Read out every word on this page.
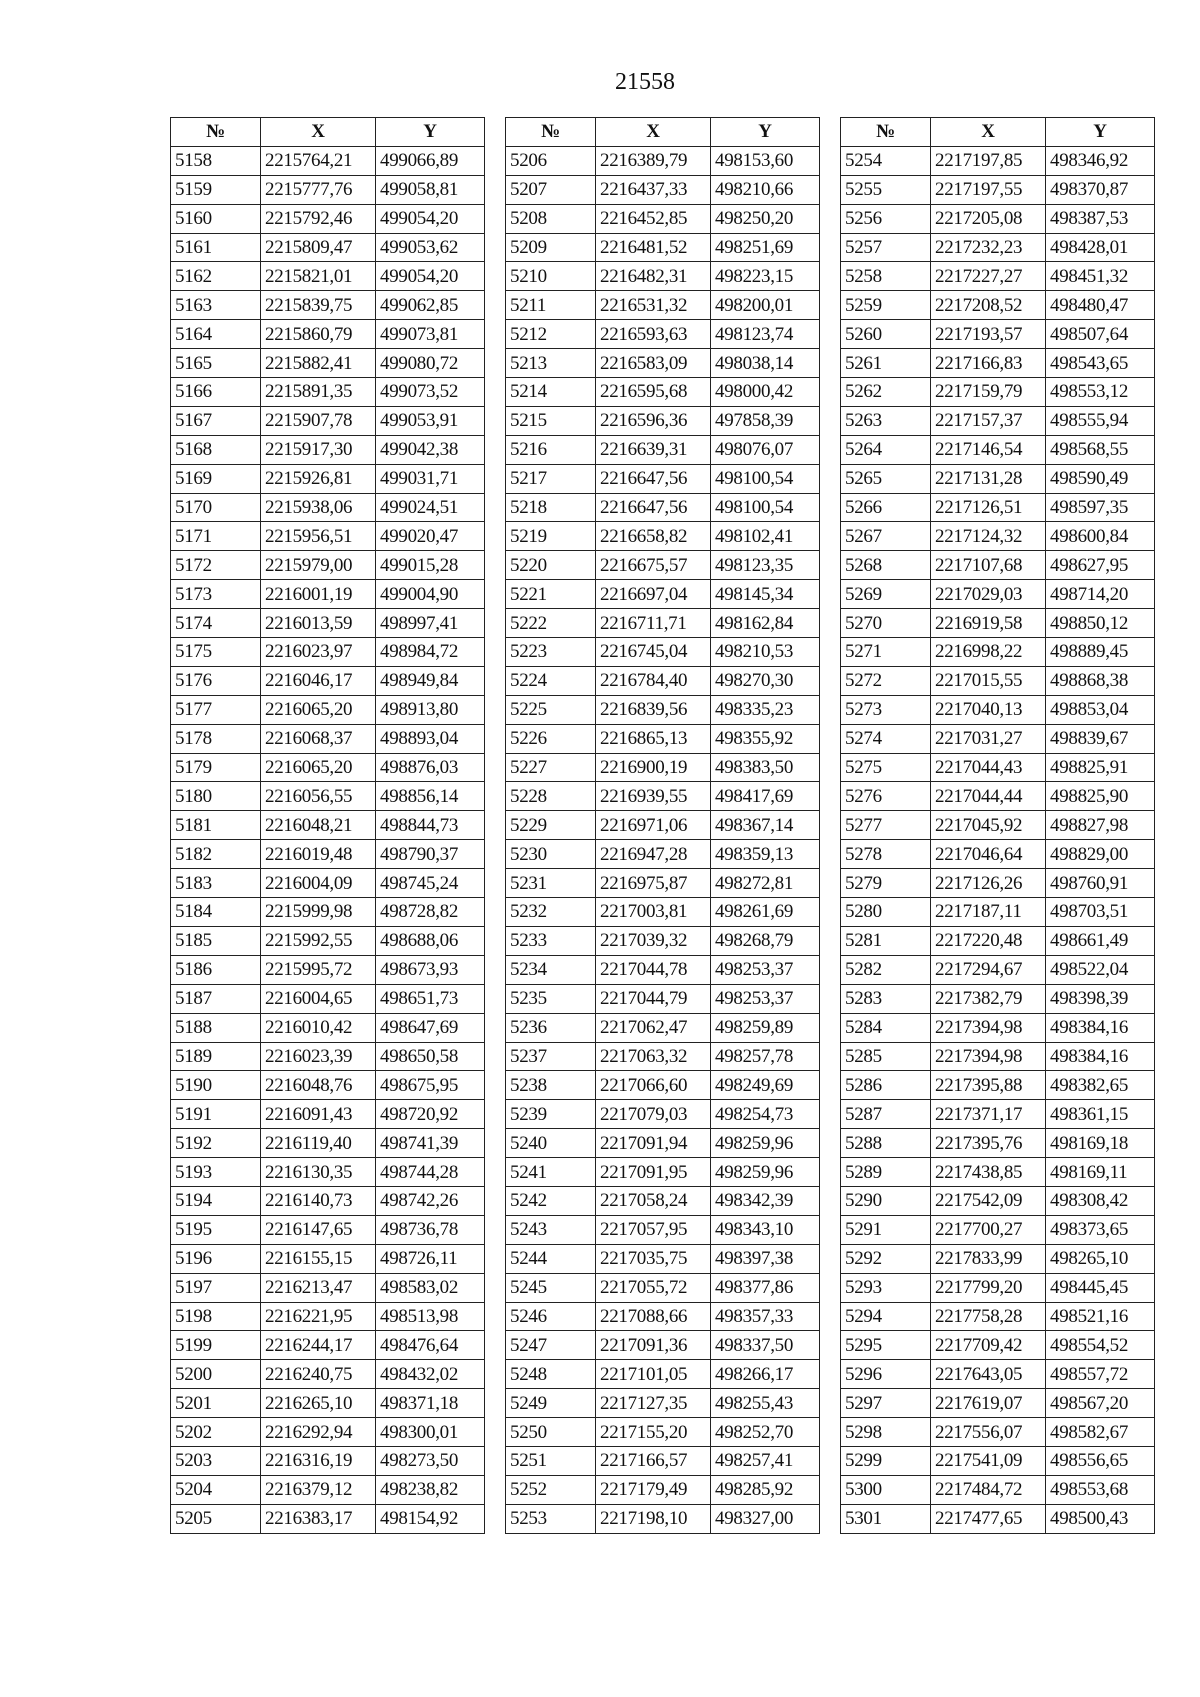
21558
№	X	Y
5158	2215764,21	499066,89
5159	2215777,76	499058,81
5160	2215792,46	499054,20
5161	2215809,47	499053,62
5162	2215821,01	499054,20
5163	2215839,75	499062,85
5164	2215860,79	499073,81
5165	2215882,41	499080,72
5166	2215891,35	499073,52
5167	2215907,78	499053,91
5168	2215917,30	499042,38
5169	2215926,81	499031,71
5170	2215938,06	499024,51
5171	2215956,51	499020,47
5172	2215979,00	499015,28
5173	2216001,19	499004,90
5174	2216013,59	498997,41
5175	2216023,97	498984,72
5176	2216046,17	498949,84
5177	2216065,20	498913,80
5178	2216068,37	498893,04
5179	2216065,20	498876,03
5180	2216056,55	498856,14
5181	2216048,21	498844,73
5182	2216019,48	498790,37
5183	2216004,09	498745,24
5184	2215999,98	498728,82
5185	2215992,55	498688,06
5186	2215995,72	498673,93
5187	2216004,65	498651,73
5188	2216010,42	498647,69
5189	2216023,39	498650,58
5190	2216048,76	498675,95
5191	2216091,43	498720,92
5192	2216119,40	498741,39
5193	2216130,35	498744,28
5194	2216140,73	498742,26
5195	2216147,65	498736,78
5196	2216155,15	498726,11
5197	2216213,47	498583,02
5198	2216221,95	498513,98
5199	2216244,17	498476,64
5200	2216240,75	498432,02
5201	2216265,10	498371,18
5202	2216292,94	498300,01
5203	2216316,19	498273,50
5204	2216379,12	498238,82
5205	2216383,17	498154,92
№	X	Y
5206	2216389,79	498153,60
5207	2216437,33	498210,66
5208	2216452,85	498250,20
5209	2216481,52	498251,69
5210	2216482,31	498223,15
5211	2216531,32	498200,01
5212	2216593,63	498123,74
5213	2216583,09	498038,14
5214	2216595,68	498000,42
5215	2216596,36	497858,39
5216	2216639,31	498076,07
5217	2216647,56	498100,54
5218	2216647,56	498100,54
5219	2216658,82	498102,41
5220	2216675,57	498123,35
5221	2216697,04	498145,34
5222	2216711,71	498162,84
5223	2216745,04	498210,53
5224	2216784,40	498270,30
5225	2216839,56	498335,23
5226	2216865,13	498355,92
5227	2216900,19	498383,50
5228	2216939,55	498417,69
5229	2216971,06	498367,14
5230	2216947,28	498359,13
5231	2216975,87	498272,81
5232	2217003,81	498261,69
5233	2217039,32	498268,79
5234	2217044,78	498253,37
5235	2217044,79	498253,37
5236	2217062,47	498259,89
5237	2217063,32	498257,78
5238	2217066,60	498249,69
5239	2217079,03	498254,73
5240	2217091,94	498259,96
5241	2217091,95	498259,96
5242	2217058,24	498342,39
5243	2217057,95	498343,10
5244	2217035,75	498397,38
5245	2217055,72	498377,86
5246	2217088,66	498357,33
5247	2217091,36	498337,50
5248	2217101,05	498266,17
5249	2217127,35	498255,43
5250	2217155,20	498252,70
5251	2217166,57	498257,41
5252	2217179,49	498285,92
5253	2217198,10	498327,00
№	X	Y
5254	2217197,85	498346,92
5255	2217197,55	498370,87
5256	2217205,08	498387,53
5257	2217232,23	498428,01
5258	2217227,27	498451,32
5259	2217208,52	498480,47
5260	2217193,57	498507,64
5261	2217166,83	498543,65
5262	2217159,79	498553,12
5263	2217157,37	498555,94
5264	2217146,54	498568,55
5265	2217131,28	498590,49
5266	2217126,51	498597,35
5267	2217124,32	498600,84
5268	2217107,68	498627,95
5269	2217029,03	498714,20
5270	2216919,58	498850,12
5271	2216998,22	498889,45
5272	2217015,55	498868,38
5273	2217040,13	498853,04
5274	2217031,27	498839,67
5275	2217044,43	498825,91
5276	2217044,44	498825,90
5277	2217045,92	498827,98
5278	2217046,64	498829,00
5279	2217126,26	498760,91
5280	2217187,11	498703,51
5281	2217220,48	498661,49
5282	2217294,67	498522,04
5283	2217382,79	498398,39
5284	2217394,98	498384,16
5285	2217394,98	498384,16
5286	2217395,88	498382,65
5287	2217371,17	498361,15
5288	2217395,76	498169,18
5289	2217438,85	498169,11
5290	2217542,09	498308,42
5291	2217700,27	498373,65
5292	2217833,99	498265,10
5293	2217799,20	498445,45
5294	2217758,28	498521,16
5295	2217709,42	498554,52
5296	2217643,05	498557,72
5297	2217619,07	498567,20
5298	2217556,07	498582,67
5299	2217541,09	498556,65
5300	2217484,72	498553,68
5301	2217477,65	498500,43
